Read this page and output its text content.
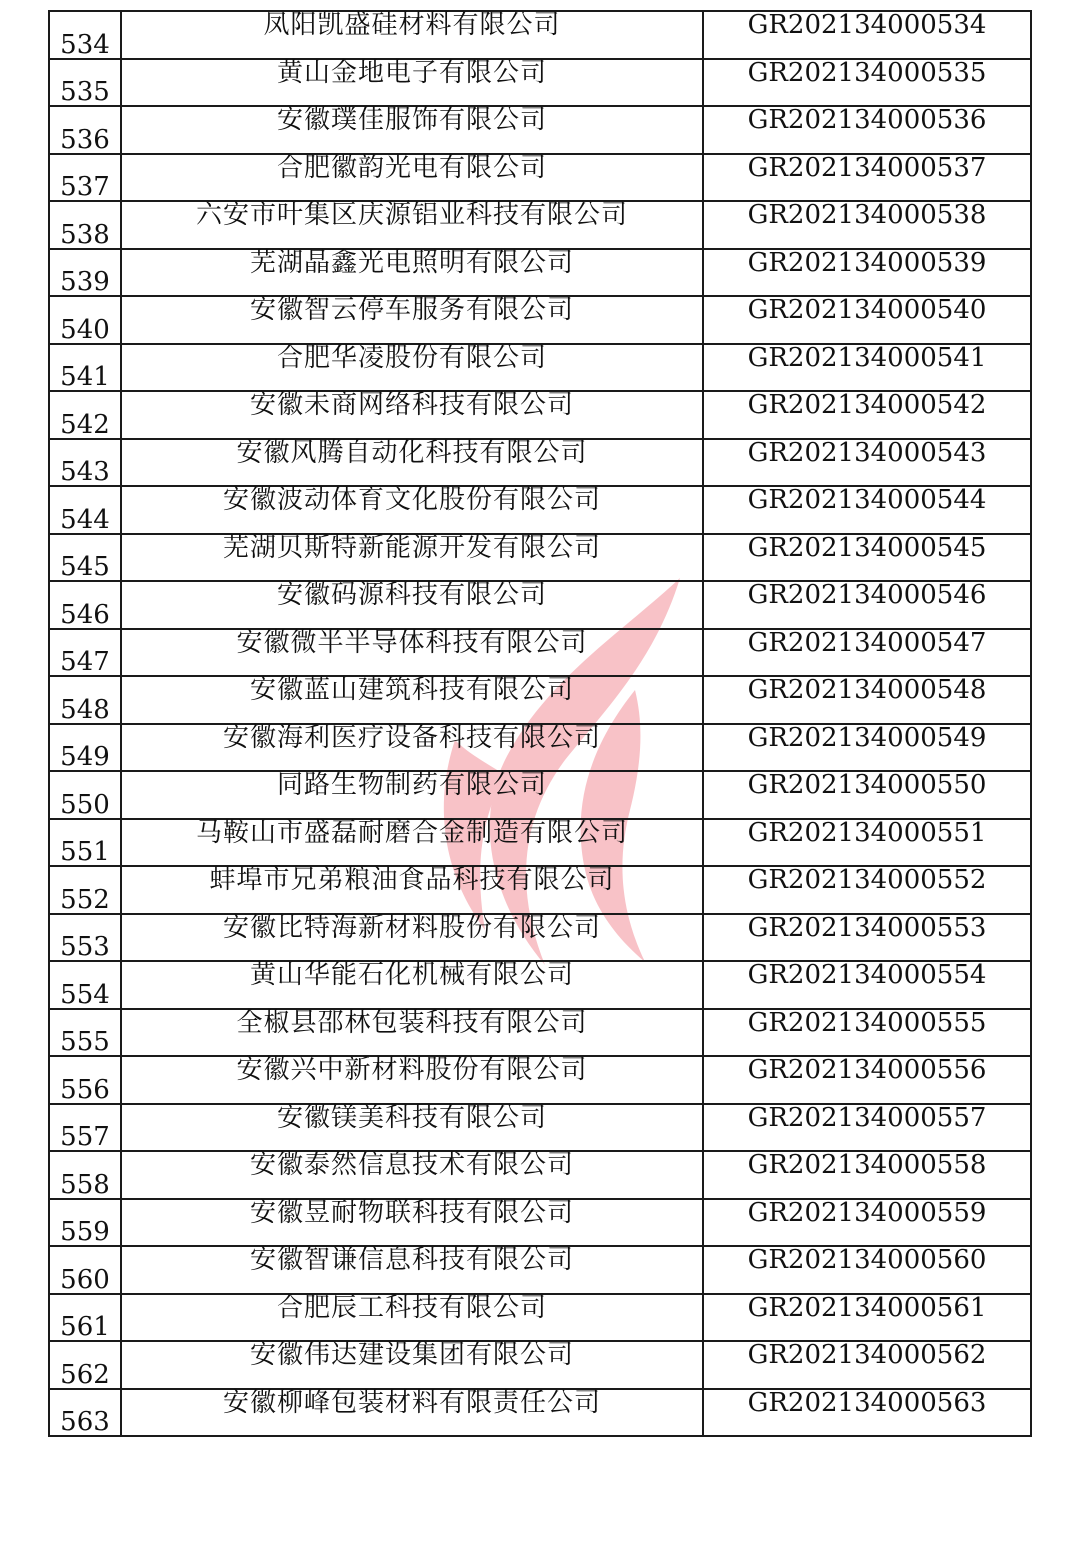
534	凤阳凯盛硅材料有限公司	GR202134000534
535	黄山金地电子有限公司	GR202134000535
536	安徽璞佳服饰有限公司	GR202134000536
537	合肥徽韵光电有限公司	GR202134000537
538	六安市叶集区庆源铝业科技有限公司	GR202134000538
539	芜湖晶鑫光电照明有限公司	GR202134000539
540	安徽智云停车服务有限公司	GR202134000540
541	合肥华凌股份有限公司	GR202134000541
542	安徽未商网络科技有限公司	GR202134000542
543	安徽风腾自动化科技有限公司	GR202134000543
544	安徽波动体育文化股份有限公司	GR202134000544
545	芜湖贝斯特新能源开发有限公司	GR202134000545
546	安徽码源科技有限公司	GR202134000546
547	安徽微半半导体科技有限公司	GR202134000547
548	安徽蓝山建筑科技有限公司	GR202134000548
549	安徽海利医疗设备科技有限公司	GR202134000549
550	同路生物制药有限公司	GR202134000550
551	马鞍山市盛磊耐磨合金制造有限公司	GR202134000551
552	蚌埠市兄弟粮油食品科技有限公司	GR202134000552
553	安徽比特海新材料股份有限公司	GR202134000553
554	黄山华能石化机械有限公司	GR202134000554
555	全椒县邵林包装科技有限公司	GR202134000555
556	安徽兴中新材料股份有限公司	GR202134000556
557	安徽镁美科技有限公司	GR202134000557
558	安徽泰然信息技术有限公司	GR202134000558
559	安徽昱耐物联科技有限公司	GR202134000559
560	安徽智谦信息科技有限公司	GR202134000560
561	合肥辰工科技有限公司	GR202134000561
562	安徽伟达建设集团有限公司	GR202134000562
563	安徽柳峰包装材料有限责任公司	GR202134000563
